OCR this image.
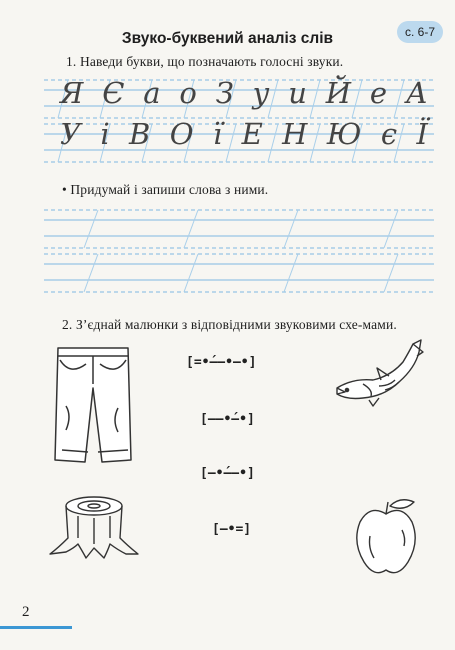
Звуко-буквений аналіз слів	с. 6-7
1. Наведи букви, що позначають голосні звуки.
Я Є а о З у и Й е А
У і В О ї Е Н Ю є Ї
• Придумай і запиши слова з ними.
2. З’єднай малюнки з відповідними звуковими схе-мами.
[=•́–—•—•]
[—–•́—•]
[—•́—–•]
[—•=]
2
